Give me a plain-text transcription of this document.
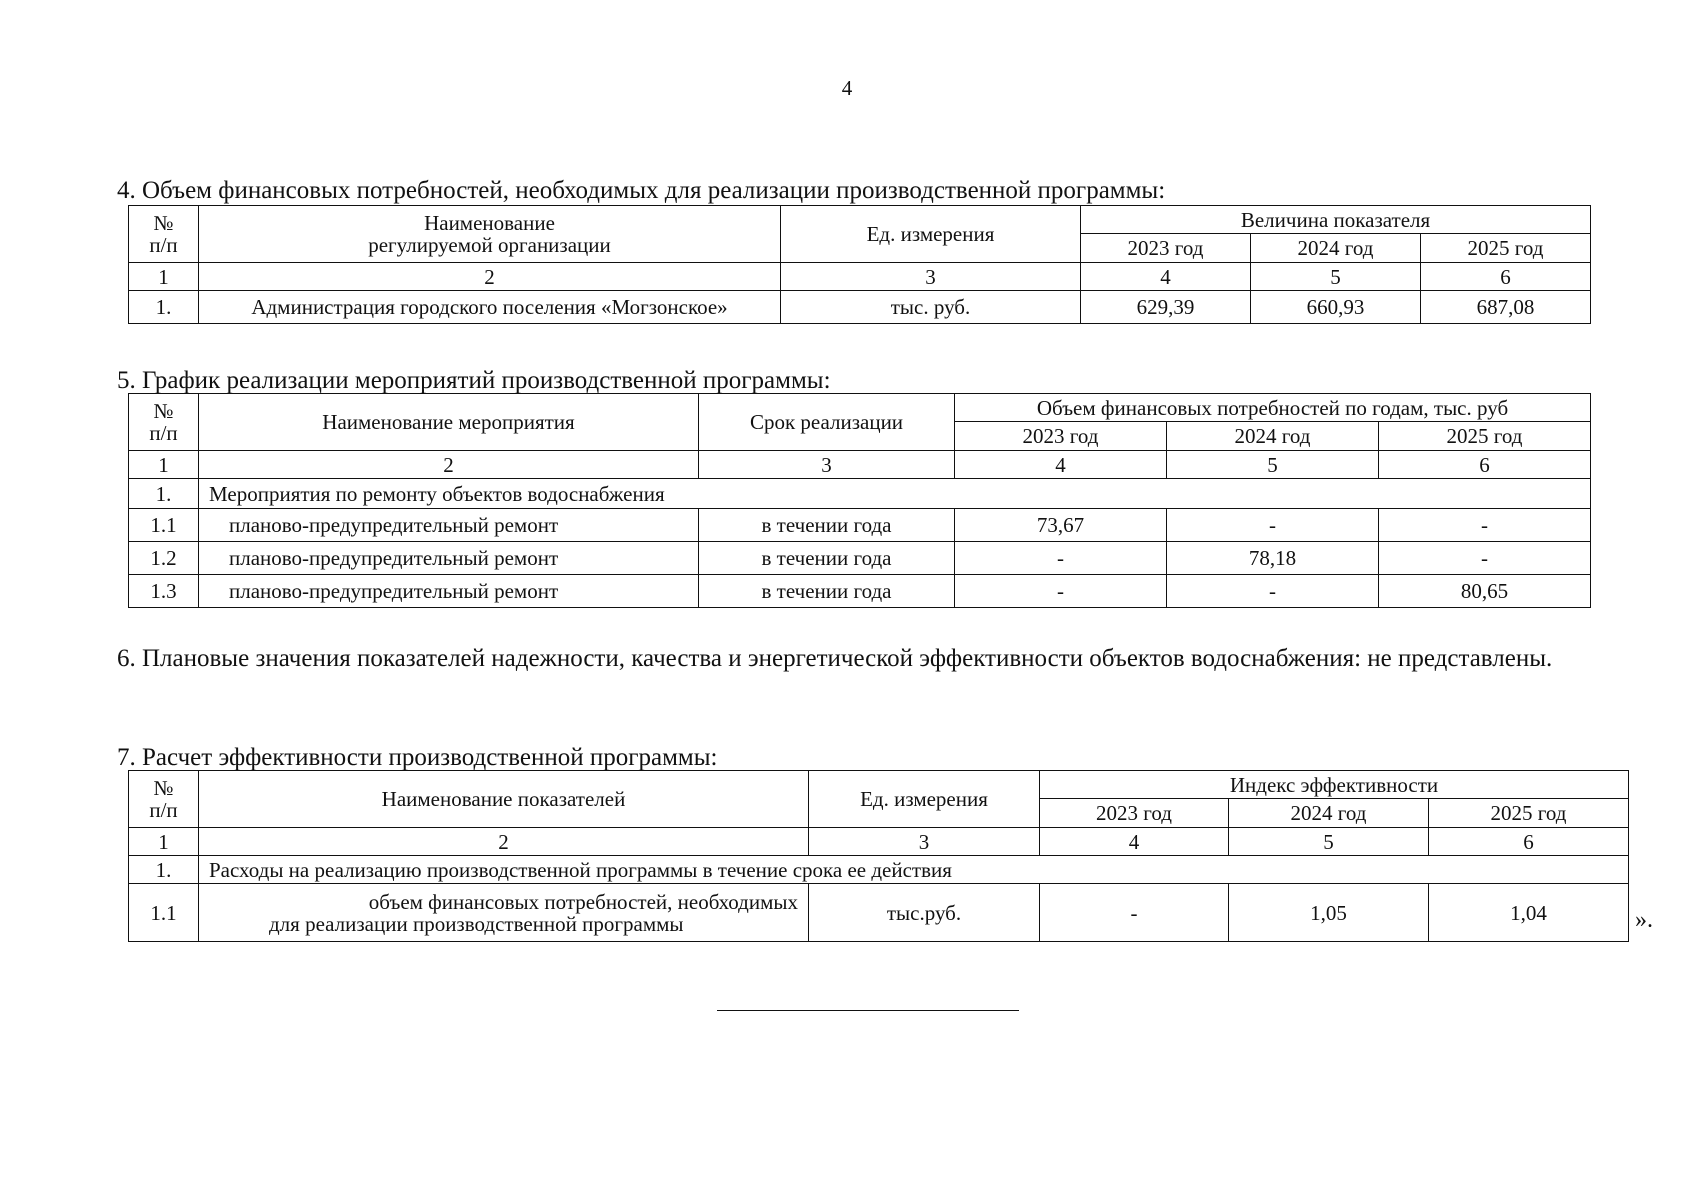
4
4. Объем финансовых потребностей, необходимых для реализации производственной программы:
№
п/п	Наименование
регулируемой организации	Ед. измерения	Величина показателя		
			2023 год	2024 год	2025 год
1	2	3	4	5	6
1.	Администрация городского поселения «Могзонское»	тыс. руб.	629,39	660,93	687,08
5. График реализации мероприятий производственной программы:
№
п/п	Наименование мероприятия	Срок реализации	Объем финансовых потребностей по годам, тыс. руб		
			2023 год	2024 год	2025 год
1	2	3	4	5	6
1.	Мероприятия по ремонту объектов водоснабжения				
1.1	планово-предупредительный ремонт	в течении года	73,67	-	-
1.2	планово-предупредительный ремонт	в течении года	-	78,18	-
1.3	планово-предупредительный ремонт	в течении года	-	-	80,65
6. Плановые значения показателей надежности, качества и энергетической эффективности объектов водоснабжения: не представлены.
7. Расчет эффективности производственной программы:
№
п/п	Наименование показателей	Ед. измерения	Индекс эффективности		
			2023 год	2024 год	2025 год
1	2	3	4	5	6
1.	Расходы на реализацию производственной программы в течение срока ее действия				
1.1	объем финансовых потребностей, необходимых
для реализации производственной программы	тыс.руб.	-	1,05	1,04	».
